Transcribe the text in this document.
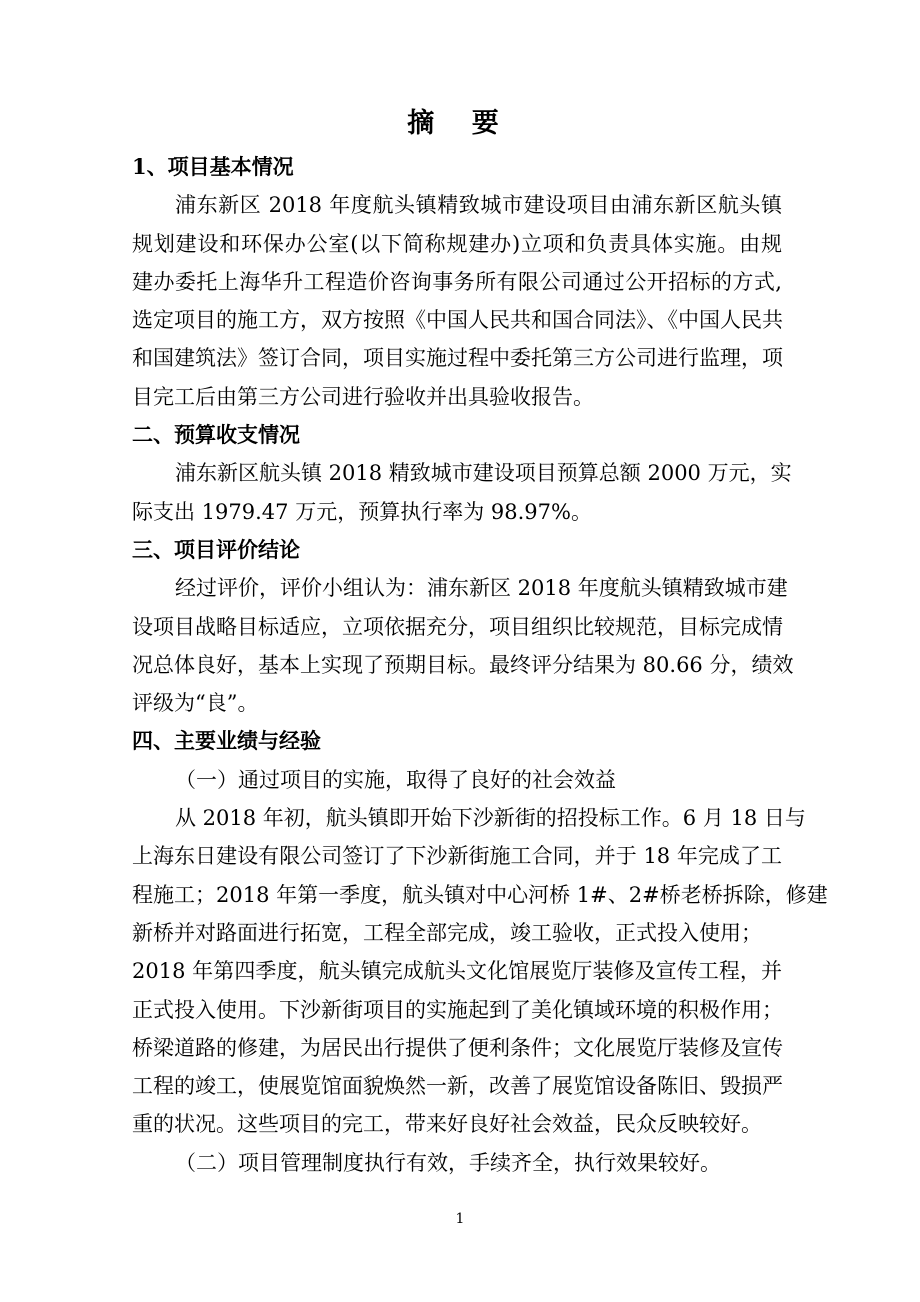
摘 要

1、项目基本情况

浦东新区 2018 年度航头镇精致城市建设项目由浦东新区航头镇

规划建设和环保办公室(以下简称规建办)立项和负责具体实施。由规

建办委托上海华升工程造价咨询事务所有限公司通过公开招标的方式,

选定项目的施工方，双方按照《中国人民共和国合同法》、《中国人民共

和国建筑法》签订合同，项目实施过程中委托第三方公司进行监理，项

目完工后由第三方公司进行验收并出具验收报告。

二、预算收支情况

浦东新区航头镇 2018 精致城市建设项目预算总额 2000 万元，实

际支出 1979.47 万元，预算执行率为 98.97%。

三、项目评价结论

经过评价，评价小组认为：浦东新区 2018 年度航头镇精致城市建

设项目战略目标适应，立项依据充分，项目组织比较规范，目标完成情

况总体良好，基本上实现了预期目标。最终评分结果为 80.66 分，绩效

评级为“良”。

四、主要业绩与经验

（一）通过项目的实施，取得了良好的社会效益

从 2018 年初，航头镇即开始下沙新街的招投标工作。6 月 18 日与

上海东日建设有限公司签订了下沙新街施工合同，并于 18 年完成了工

程施工；2018 年第一季度，航头镇对中心河桥 1#、2#桥老桥拆除，修建

新桥并对路面进行拓宽，工程全部完成，竣工验收，正式投入使用；

2018 年第四季度，航头镇完成航头文化馆展览厅装修及宣传工程，并

正式投入使用。下沙新街项目的实施起到了美化镇域环境的积极作用；

桥梁道路的修建，为居民出行提供了便利条件；文化展览厅装修及宣传

工程的竣工，使展览馆面貌焕然一新，改善了展览馆设备陈旧、毁损严

重的状况。这些项目的完工，带来好良好社会效益，民众反映较好。

（二）项目管理制度执行有效，手续齐全，执行效果较好。

1
